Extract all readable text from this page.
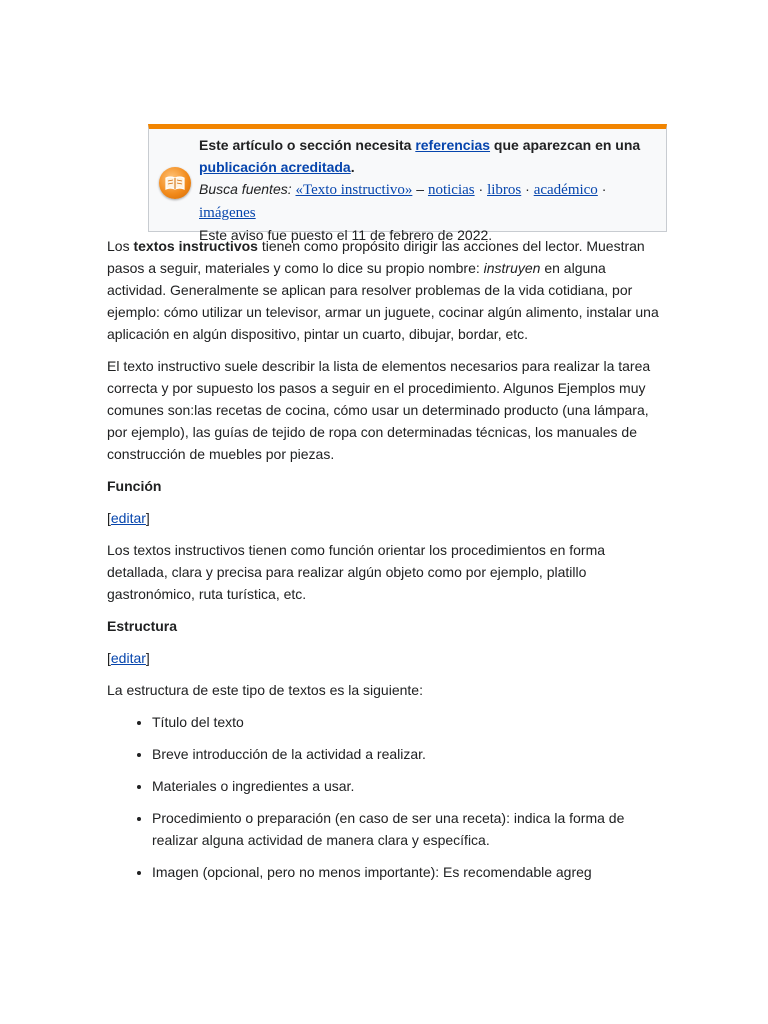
Este artículo o sección necesita referencias que aparezcan en una publicación acreditada.
Busca fuentes: «Texto instructivo» – noticias · libros · académico · imágenes
Este aviso fue puesto el 11 de febrero de 2022.

Los textos instructivos tienen como propósito dirigir las acciones del lector. Muestran pasos a seguir, materiales y como lo dice su propio nombre: instruyen en alguna actividad. Generalmente se aplican para resolver problemas de la vida cotidiana, por ejemplo: cómo utilizar un televisor, armar un juguete, cocinar algún alimento, instalar una aplicación en algún dispositivo, pintar un cuarto, dibujar, bordar, etc.

El texto instructivo suele describir la lista de elementos necesarios para realizar la tarea correcta y por supuesto los pasos a seguir en el procedimiento. Algunos Ejemplos muy comunes son:las recetas de cocina, cómo usar un determinado producto (una lámpara, por ejemplo), las guías de tejido de ropa con determinadas técnicas, los manuales de construcción de muebles por piezas.

Función

[editar]

Los textos instructivos tienen como función orientar los procedimientos en forma detallada, clara y precisa para realizar algún objeto como por ejemplo, platillo gastronómico, ruta turística, etc.

Estructura

[editar]

La estructura de este tipo de textos es la siguiente:

• Título del texto
• Breve introducción de la actividad a realizar.
• Materiales o ingredientes a usar.
• Procedimiento o preparación (en caso de ser una receta): indica la forma de realizar alguna actividad de manera clara y específica.
• Imagen (opcional, pero no menos importante): Es recomendable agreg
